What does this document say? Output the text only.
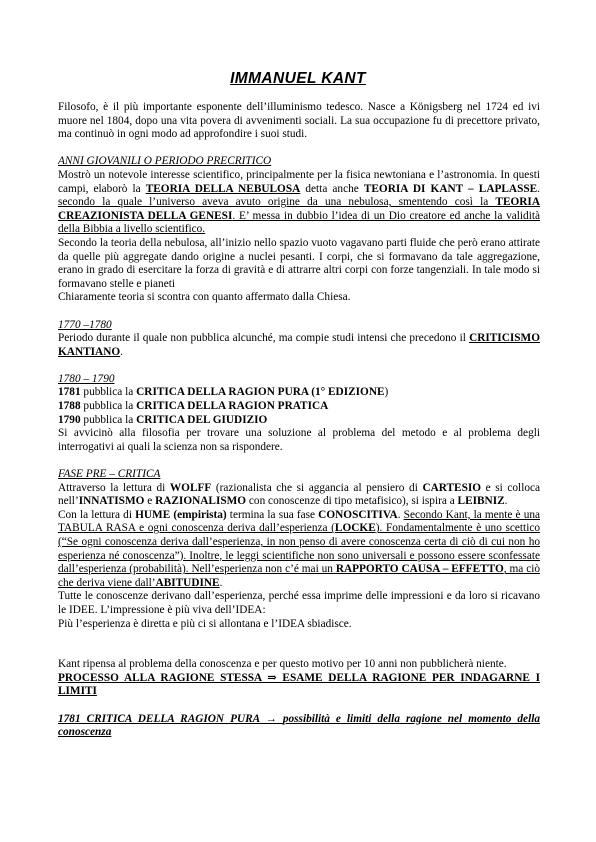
IMMANUEL KANT

Filosofo, è il più importante esponente dell’illuminismo tedesco. Nasce a Königsberg nel 1724 ed ivi muore nel 1804, dopo una vita povera di avvenimenti sociali. La sua occupazione fu di precettore privato, ma continuò in ogni modo ad approfondire i suoi studi.

ANNI GIOVANILI O PERIODO PRECRITICO

Mostrò un notevole interesse scientifico, principalmente per la fisica newtoniana e l’astronomia. In questi campi, elaborò la TEORIA DELLA NEBULOSA detta anche TEORIA DI KANT – LAPLASSE. secondo la quale l’universo aveva avuto origine da una nebulosa, smentendo così la TEORIA CREAZIONISTA DELLA GENESI. E’ messa in dubbio l’idea di un Dio creatore ed anche la validità della Bibbia a livello scientifico.

Secondo la teoria della nebulosa, all’inizio nello spazio vuoto vagavano parti fluide che però erano attirate da quelle più aggregate dando origine a nuclei pesanti. I corpi, che si formavano da tale aggregazione, erano in grado di esercitare la forza di gravità e di attrarre altri corpi con forze tangenziali. In tale modo si formavano stelle e pianeti

Chiaramente teoria si scontra con quanto affermato dalla Chiesa.

1770 –1780

Periodo durante il quale non pubblica alcunché, ma compie studi intensi che precedono il CRITICISMO KANTIANO.

1780 – 1790

1781 pubblica la CRITICA DELLA RAGION PURA (1° EDIZIONE)

1788 pubblica la CRITICA DELLA RAGION PRATICA

1790 pubblica la CRITICA DEL GIUDIZIO

Si avvicinò alla filosofia per trovare una soluzione al problema del metodo e al problema degli interrogativi ai quali la scienza non sa rispondere.

FASE PRE – CRITICA

Attraverso la lettura di WOLFF (razionalista che si aggancia al pensiero di CARTESIO e si colloca nell’INNATISMO e RAZIONALISMO con conoscenze di tipo metafisico), si ispira a LEIBNIZ.

Con la lettura di HUME (empirista) termina la sua fase CONOSCITIVA. Secondo Kant, la mente è una TABULA RASA e ogni conoscenza deriva dall’esperienza (LOCKE). Fondamentalmente è uno scettico (“Se ogni conoscenza deriva dall’esperienza, in non penso di avere conoscenza certa di ciò di cui non ho esperienza né conoscenza”). Inoltre, le leggi scientifiche non sono universali e possono essere sconfessate dall’esperienza (probabilità). Nell’esperienza non c’é mai un RAPPORTO CAUSA – EFFETTO, ma ciò che deriva viene dall’ABITUDINE.

Tutte le conoscenze derivano dall’esperienza, perché essa imprime delle impressioni e da loro si ricavano le IDEE. L’impressione è più viva dell’IDEA:

Più l’esperienza è diretta e più ci si allontana e l’IDEA sbiadisce.

Kant ripensa al problema della conoscenza e per questo motivo per 10 anni non pubblicherà niente.

PROCESSO ALLA RAGIONE STESSA ⇒ ESAME DELLA RAGIONE PER INDAGARNE I LIMITI

1781 CRITICA DELLA RAGION PURA → possibilità e limiti della ragione nel momento della conoscenza
